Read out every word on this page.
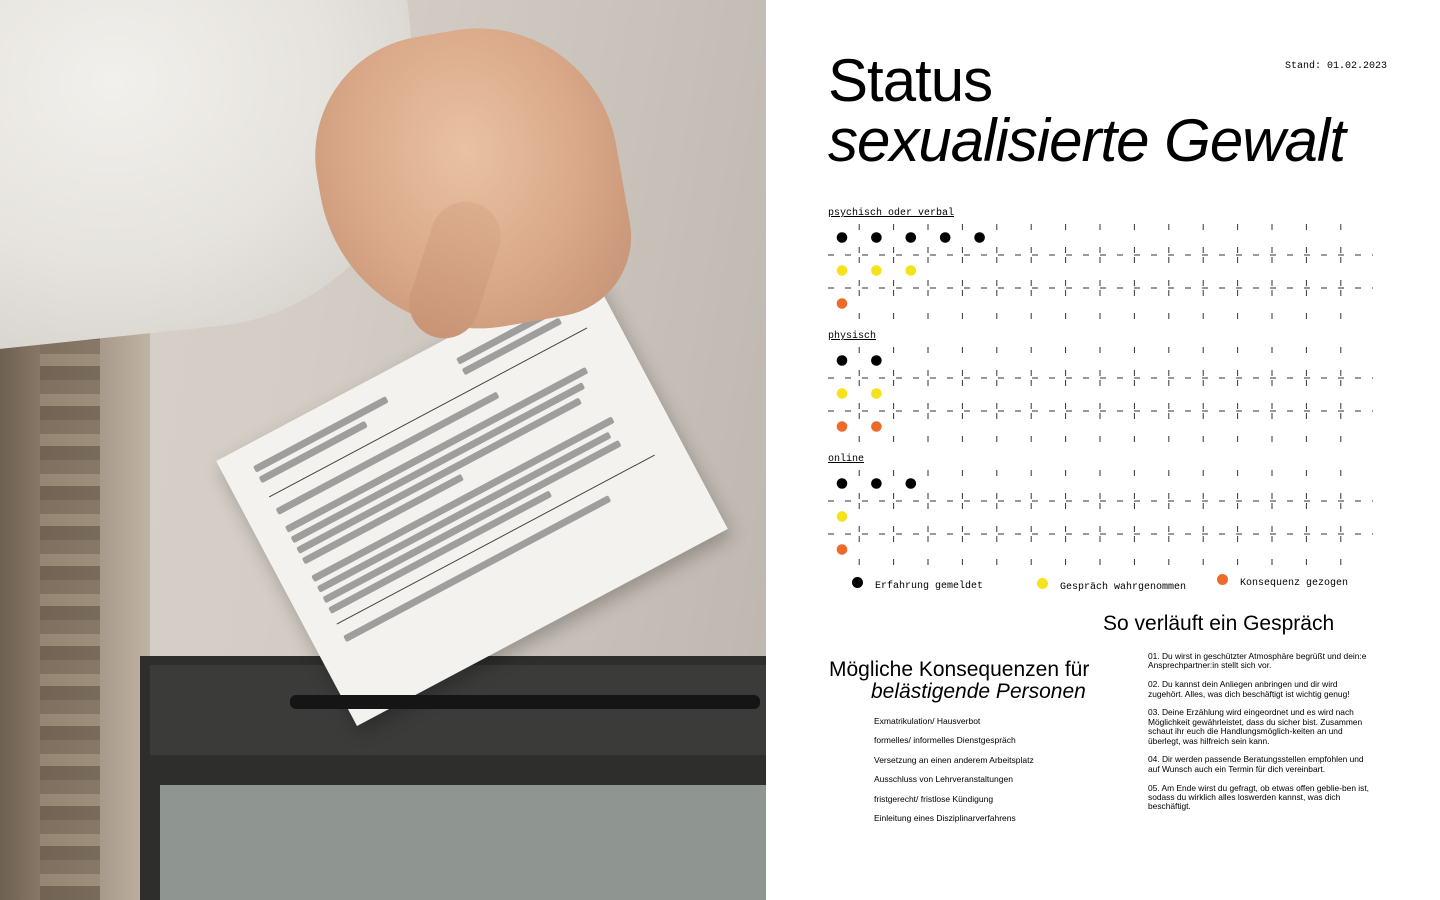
Status
sexualisierte Gewalt
Stand: 01.02.2023
psychisch oder verbal
physisch
online
Erfahrung gemeldet	Gespräch wahrgenommen	Konsequenz gezogen
So verläuft ein Gespräch
01. Du wirst in geschützter Atmosphäre begrüßt und dein:e Ansprechpartner:in stellt sich vor.
02. Du kannst dein Anliegen anbringen und dir wird zugehört. Alles, was dich beschäftigt ist wichtig genug!
03. Deine Erzählung wird eingeordnet und es wird nach Möglichkeit gewährleistet, dass du sicher bist. Zusammen schaut ihr euch die Handlungsmöglich-keiten an und überlegt, was hilfreich sein kann.
04. Dir werden passende Beratungsstellen empfohlen und auf Wunsch auch ein Termin für dich vereinbart.
05. Am Ende wirst du gefragt, ob etwas offen geblie-ben ist, sodass du wirklich alles loswerden kannst, was dich beschäftigt.
Mögliche Konsequenzen für
belästigende Personen
Exmatrikulation/ Hausverbot
formelles/ informelles Dienstgespräch
Versetzung an einen anderem Arbeitsplatz
Ausschluss von Lehrveranstaltungen
fristgerecht/ fristlose Kündigung
Einleitung eines Disziplinarverfahrens
